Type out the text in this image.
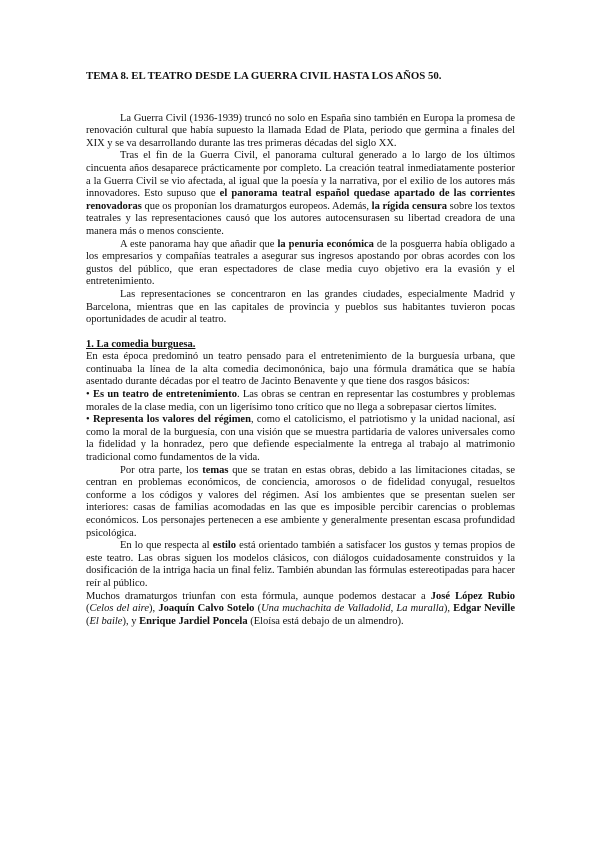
TEMA 8. EL TEATRO DESDE LA GUERRA CIVIL HASTA LOS AÑOS 50.

La Guerra Civil (1936-1939) truncó no solo en España sino también en Europa la promesa de renovación cultural que había supuesto la llamada Edad de Plata, periodo que germina a finales del XIX y se va desarrollando durante las tres primeras décadas del siglo XX.

Tras el fin de la Guerra Civil, el panorama cultural generado a lo largo de los últimos cincuenta años desaparece prácticamente por completo. La creación teatral inmediatamente posterior a la Guerra Civil se vio afectada, al igual que la poesía y la narrativa, por el exilio de los autores más innovadores. Esto supuso que el panorama teatral español quedase apartado de las corrientes renovadoras que os proponían los dramaturgos europeos. Además, la rígida censura sobre los textos teatrales y las representaciones causó que los autores autocensurasen su libertad creadora de una manera más o menos consciente.

A este panorama hay que añadir que la penuria económica de la posguerra había obligado a los empresarios y compañías teatrales a asegurar sus ingresos apostando por obras acordes con los gustos del público, que eran espectadores de clase media cuyo objetivo era la evasión y el entretenimiento.

Las representaciones se concentraron en las grandes ciudades, especialmente Madrid y Barcelona, mientras que en las capitales de provincia y pueblos sus habitantes tuvieron pocas oportunidades de acudir al teatro.

1. La comedia burguesa.

En esta época predominó un teatro pensado para el entretenimiento de la burguesía urbana, que continuaba la línea de la alta comedia decimonónica, bajo una fórmula dramática que se había asentado durante décadas por el teatro de Jacinto Benavente y que tiene dos rasgos básicos:

• Es un teatro de entretenimiento. Las obras se centran en representar las costumbres y problemas morales de la clase media, con un ligerísimo tono crítico que no llega a sobrepasar ciertos límites.

• Representa los valores del régimen, como el catolicismo, el patriotismo y la unidad nacional, así como la moral de la burguesía, con una visión que se muestra partidaria de valores universales como la fidelidad y la honradez, pero que defiende especialmente la entrega al trabajo al matrimonio tradicional como fundamentos de la vida.

Por otra parte, los temas que se tratan en estas obras, debido a las limitaciones citadas, se centran en problemas económicos, de conciencia, amorosos o de fidelidad conyugal, resueltos conforme a los códigos y valores del régimen. Así los ambientes que se presentan suelen ser interiores: casas de familias acomodadas en las que es imposible percibir carencias o problemas económicos. Los personajes pertenecen a ese ambiente y generalmente presentan escasa profundidad psicológica.

En lo que respecta al estilo está orientado también a satisfacer los gustos y temas propios de este teatro. Las obras siguen los modelos clásicos, con diálogos cuidadosamente construidos y la dosificación de la intriga hacia un final feliz. También abundan las fórmulas estereotipadas para hacer reír al público.

Muchos dramaturgos triunfan con esta fórmula, aunque podemos destacar a José López Rubio (Celos del aire), Joaquín Calvo Sotelo (Una muchachita de Valladolid, La muralla), Edgar Neville (El baile), y Enrique Jardiel Poncela (Eloísa está debajo de un almendro).
